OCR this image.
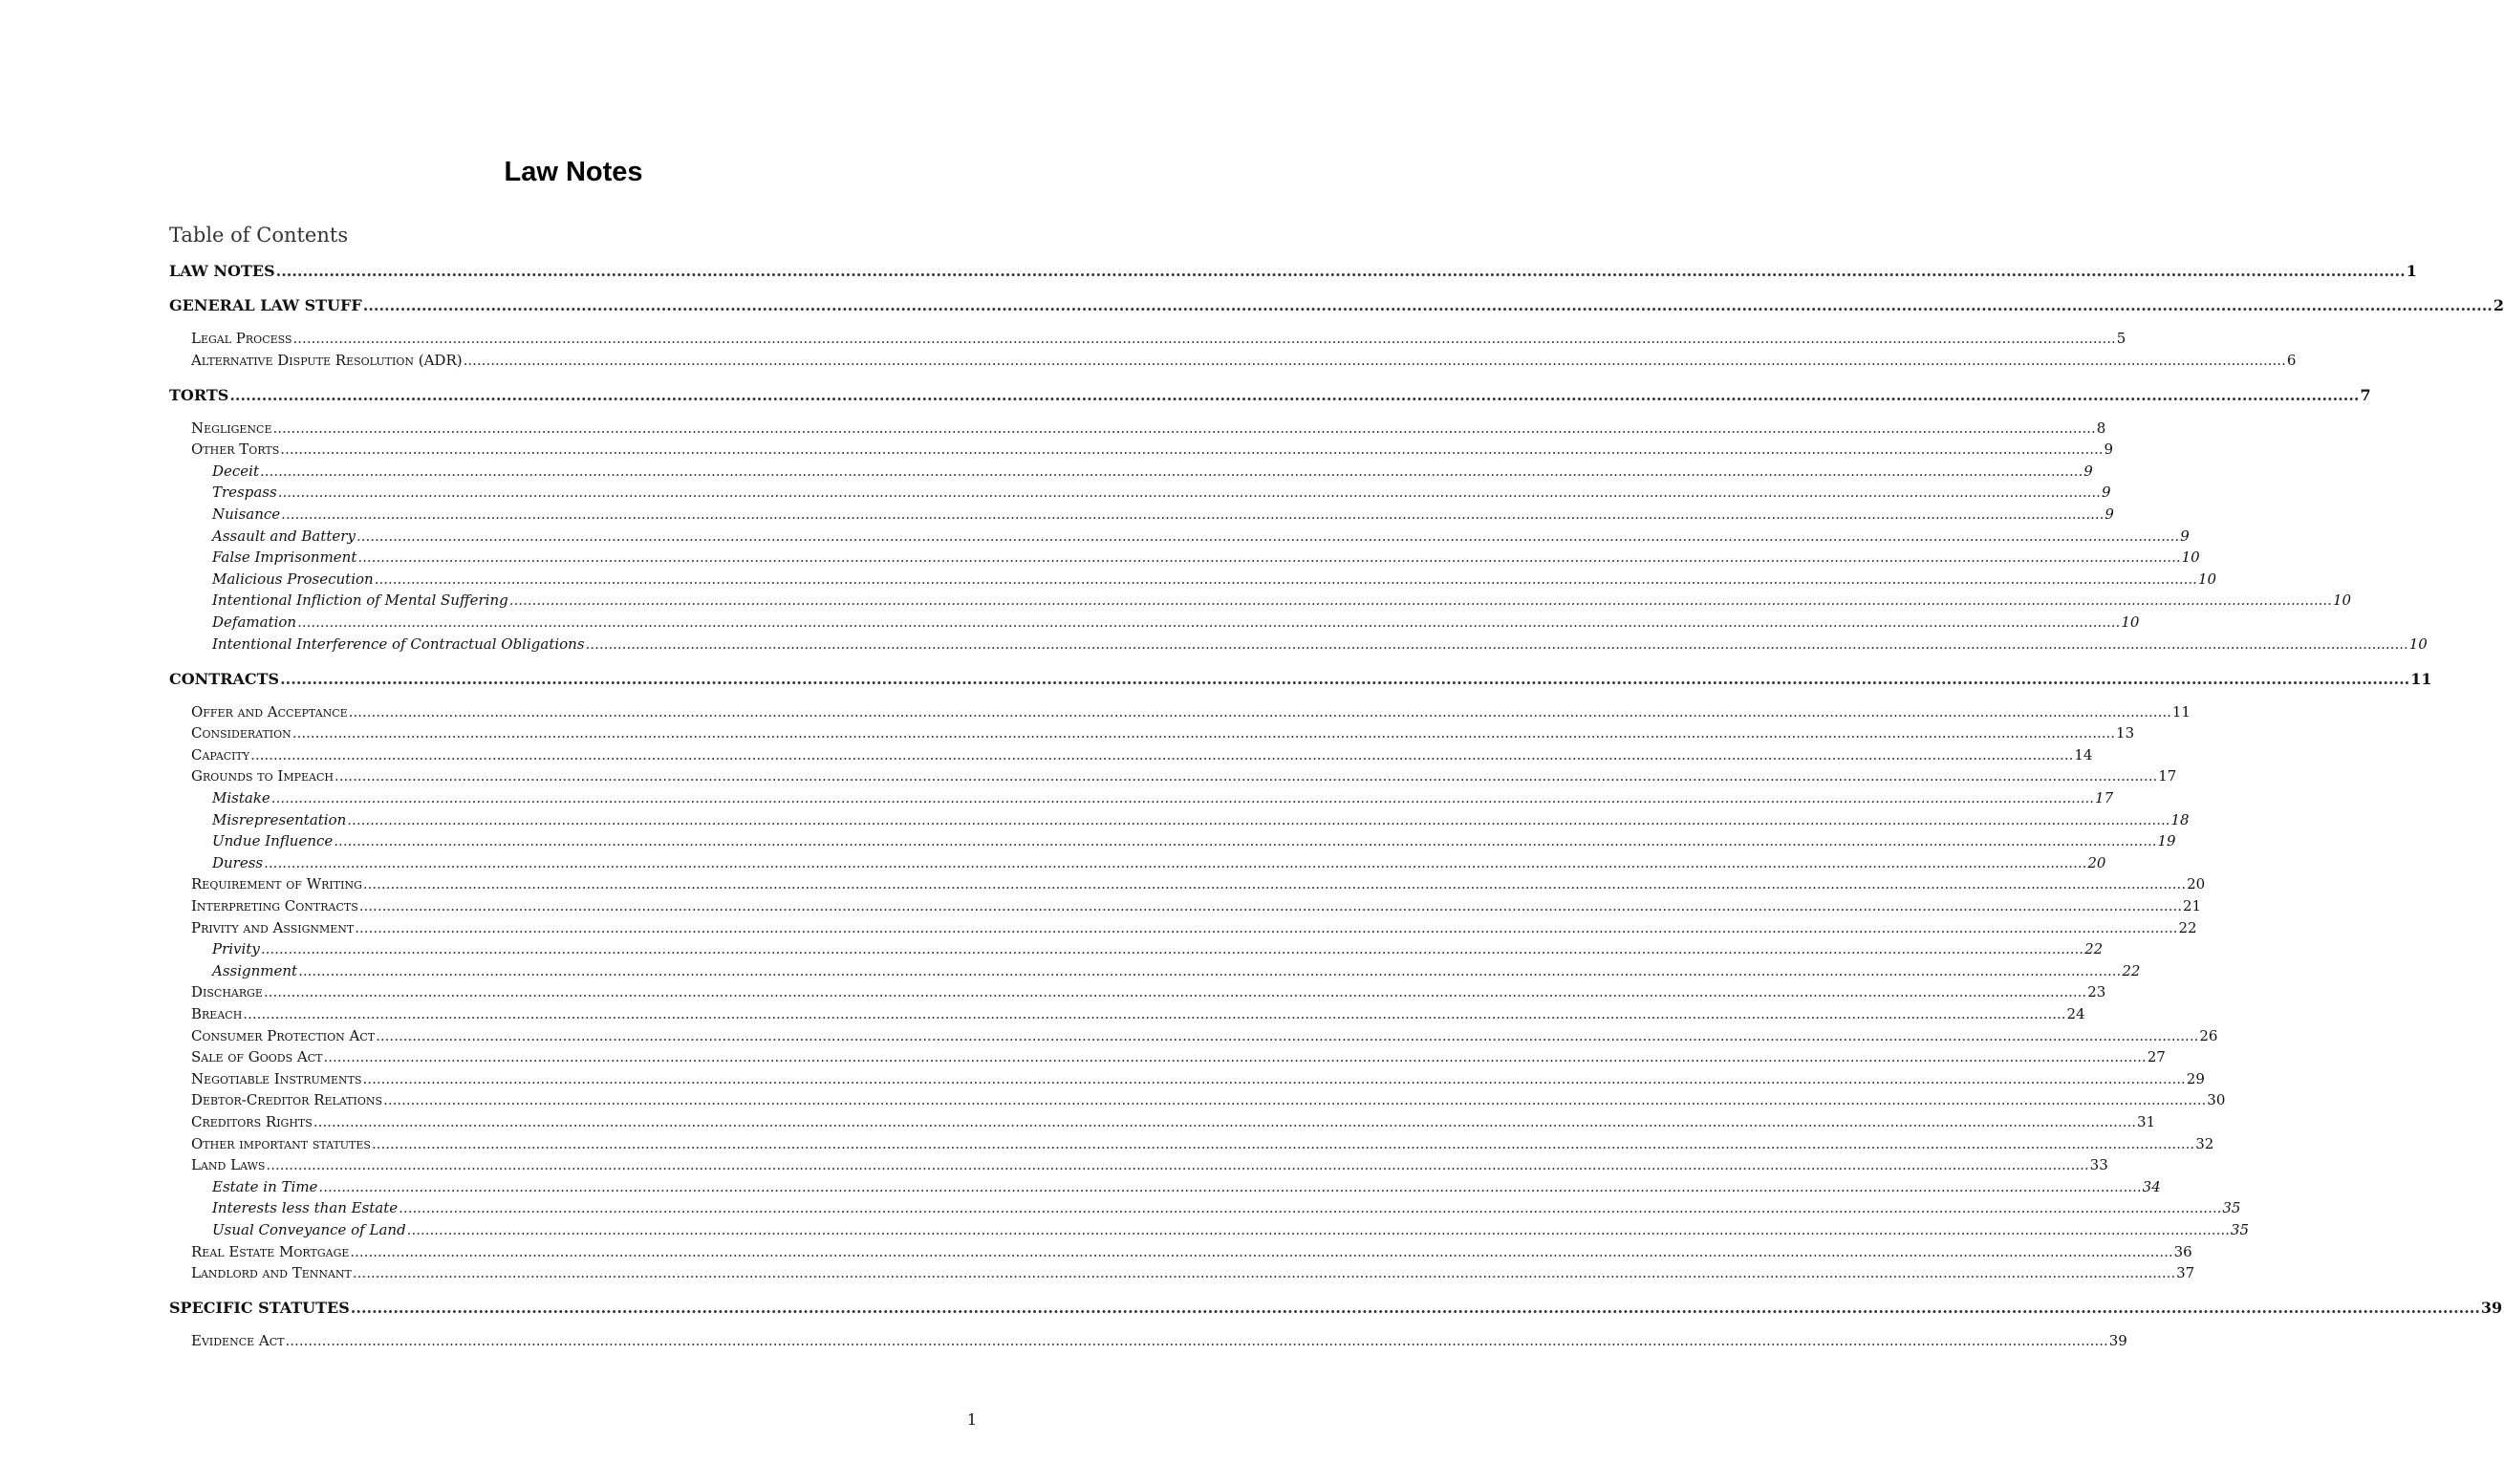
Law Notes
Table of Contents
LAW NOTES ................................................................................................................................................................................................................................................................................................................................................................................................................ 1
GENERAL LAW STUFF ................................................................................................................................................................................................................................................................................................................................................................................................................ 2
Legal Process ................................................................................................................................................................................................................................................................................................................................................................................................................ 5
Alternative Dispute Resolution (ADR) ................................................................................................................................................................................................................................................................................................................................................................................................................ 6
TORTS ................................................................................................................................................................................................................................................................................................................................................................................................................ 7
Negligence ................................................................................................................................................................................................................................................................................................................................................................................................................ 8
Other Torts ................................................................................................................................................................................................................................................................................................................................................................................................................ 9
Deceit ................................................................................................................................................................................................................................................................................................................................................................................................................ 9
Trespass ................................................................................................................................................................................................................................................................................................................................................................................................................ 9
Nuisance ................................................................................................................................................................................................................................................................................................................................................................................................................ 9
Assault and Battery ................................................................................................................................................................................................................................................................................................................................................................................................................ 9
False Imprisonment ................................................................................................................................................................................................................................................................................................................................................................................................................ 10
Malicious Prosecution ................................................................................................................................................................................................................................................................................................................................................................................................................ 10
Intentional Infliction of Mental Suffering ................................................................................................................................................................................................................................................................................................................................................................................................................ 10
Defamation ................................................................................................................................................................................................................................................................................................................................................................................................................ 10
Intentional Interference of Contractual Obligations ................................................................................................................................................................................................................................................................................................................................................................................................................ 10
CONTRACTS ................................................................................................................................................................................................................................................................................................................................................................................................................ 11
Offer and Acceptance ................................................................................................................................................................................................................................................................................................................................................................................................................ 11
Consideration ................................................................................................................................................................................................................................................................................................................................................................................................................ 13
Capacity ................................................................................................................................................................................................................................................................................................................................................................................................................ 14
Grounds to Impeach ................................................................................................................................................................................................................................................................................................................................................................................................................ 17
Mistake ................................................................................................................................................................................................................................................................................................................................................................................................................ 17
Misrepresentation ................................................................................................................................................................................................................................................................................................................................................................................................................ 18
Undue Influence ................................................................................................................................................................................................................................................................................................................................................................................................................ 19
Duress ................................................................................................................................................................................................................................................................................................................................................................................................................ 20
Requirement of Writing ................................................................................................................................................................................................................................................................................................................................................................................................................ 20
Interpreting Contracts ................................................................................................................................................................................................................................................................................................................................................................................................................ 21
Privity and Assignment ................................................................................................................................................................................................................................................................................................................................................................................................................ 22
Privity ................................................................................................................................................................................................................................................................................................................................................................................................................ 22
Assignment ................................................................................................................................................................................................................................................................................................................................................................................................................ 22
Discharge ................................................................................................................................................................................................................................................................................................................................................................................................................ 23
Breach ................................................................................................................................................................................................................................................................................................................................................................................................................ 24
Consumer Protection Act ................................................................................................................................................................................................................................................................................................................................................................................................................ 26
Sale of Goods Act ................................................................................................................................................................................................................................................................................................................................................................................................................ 27
Negotiable Instruments ................................................................................................................................................................................................................................................................................................................................................................................................................ 29
Debtor-Creditor Relations ................................................................................................................................................................................................................................................................................................................................................................................................................ 30
Creditors Rights ................................................................................................................................................................................................................................................................................................................................................................................................................ 31
Other important statutes ................................................................................................................................................................................................................................................................................................................................................................................................................ 32
Land Laws ................................................................................................................................................................................................................................................................................................................................................................................................................ 33
Estate in Time ................................................................................................................................................................................................................................................................................................................................................................................................................ 34
Interests less than Estate ................................................................................................................................................................................................................................................................................................................................................................................................................ 35
Usual Conveyance of Land ................................................................................................................................................................................................................................................................................................................................................................................................................ 35
Real Estate Mortgage ................................................................................................................................................................................................................................................................................................................................................................................................................ 36
Landlord and Tennant ................................................................................................................................................................................................................................................................................................................................................................................................................ 37
SPECIFIC STATUTES ................................................................................................................................................................................................................................................................................................................................................................................................................ 39
Evidence Act ................................................................................................................................................................................................................................................................................................................................................................................................................ 39
1
